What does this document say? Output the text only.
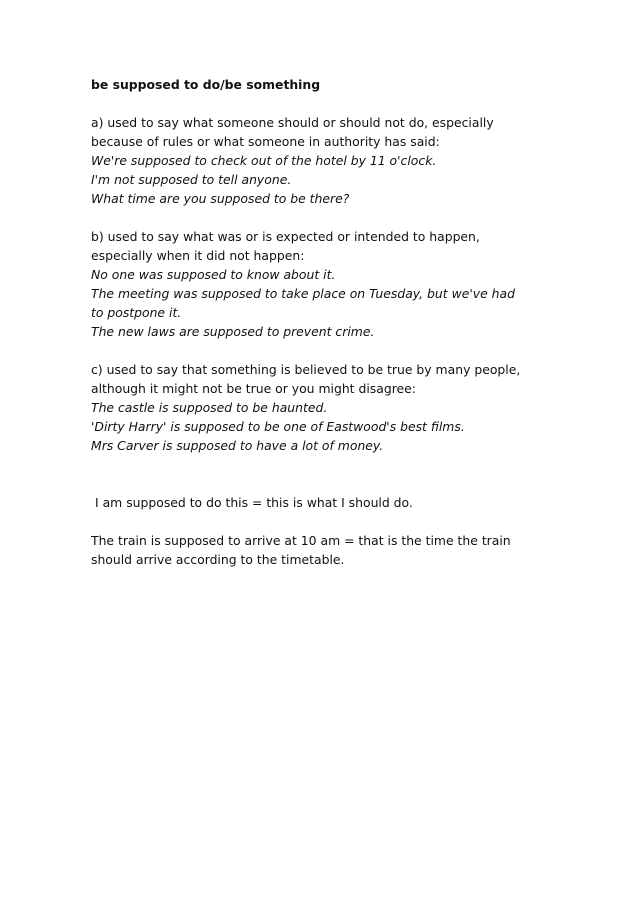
be supposed to do/be something
a) used to say what someone should or should not do, especially
because of rules or what someone in authority has said:
We're supposed to check out of the hotel by 11 o'clock.
I'm not supposed to tell anyone.
What time are you supposed to be there?
b) used to say what was or is expected or intended to happen,
especially when it did not happen:
No one was supposed to know about it.
The meeting was supposed to take place on Tuesday, but we've had
to postpone it.
The new laws are supposed to prevent crime.
c) used to say that something is believed to be true by many people,
although it might not be true or you might disagree:
The castle is supposed to be haunted.
'Dirty Harry' is supposed to be one of Eastwood's best films.
Mrs Carver is supposed to have a lot of money.
I am supposed to do this = this is what I should do.
The train is supposed to arrive at 10 am = that is the time the train
should arrive according to the timetable.
